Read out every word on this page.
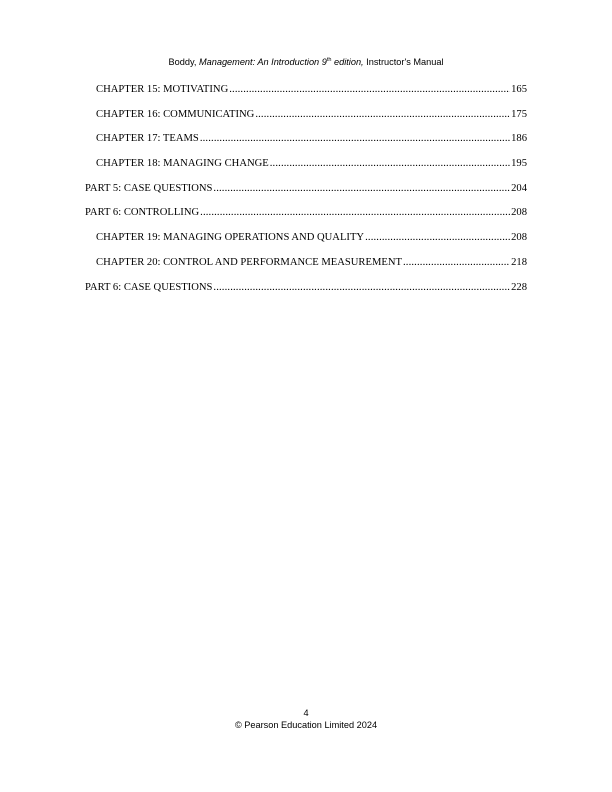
Boddy, Management: An Introduction 9th edition, Instructor's Manual
CHAPTER 15: MOTIVATING .....	165
CHAPTER 16: COMMUNICATING .....	175
CHAPTER 17: TEAMS .....	186
CHAPTER 18: MANAGING CHANGE .....	195
PART 5: CASE QUESTIONS .....	204
PART 6: CONTROLLING .....	208
CHAPTER 19: MANAGING OPERATIONS AND QUALITY .....	208
CHAPTER 20: CONTROL AND PERFORMANCE MEASUREMENT .....	218
PART 6: CASE QUESTIONS .....	228
4
© Pearson Education Limited 2024
